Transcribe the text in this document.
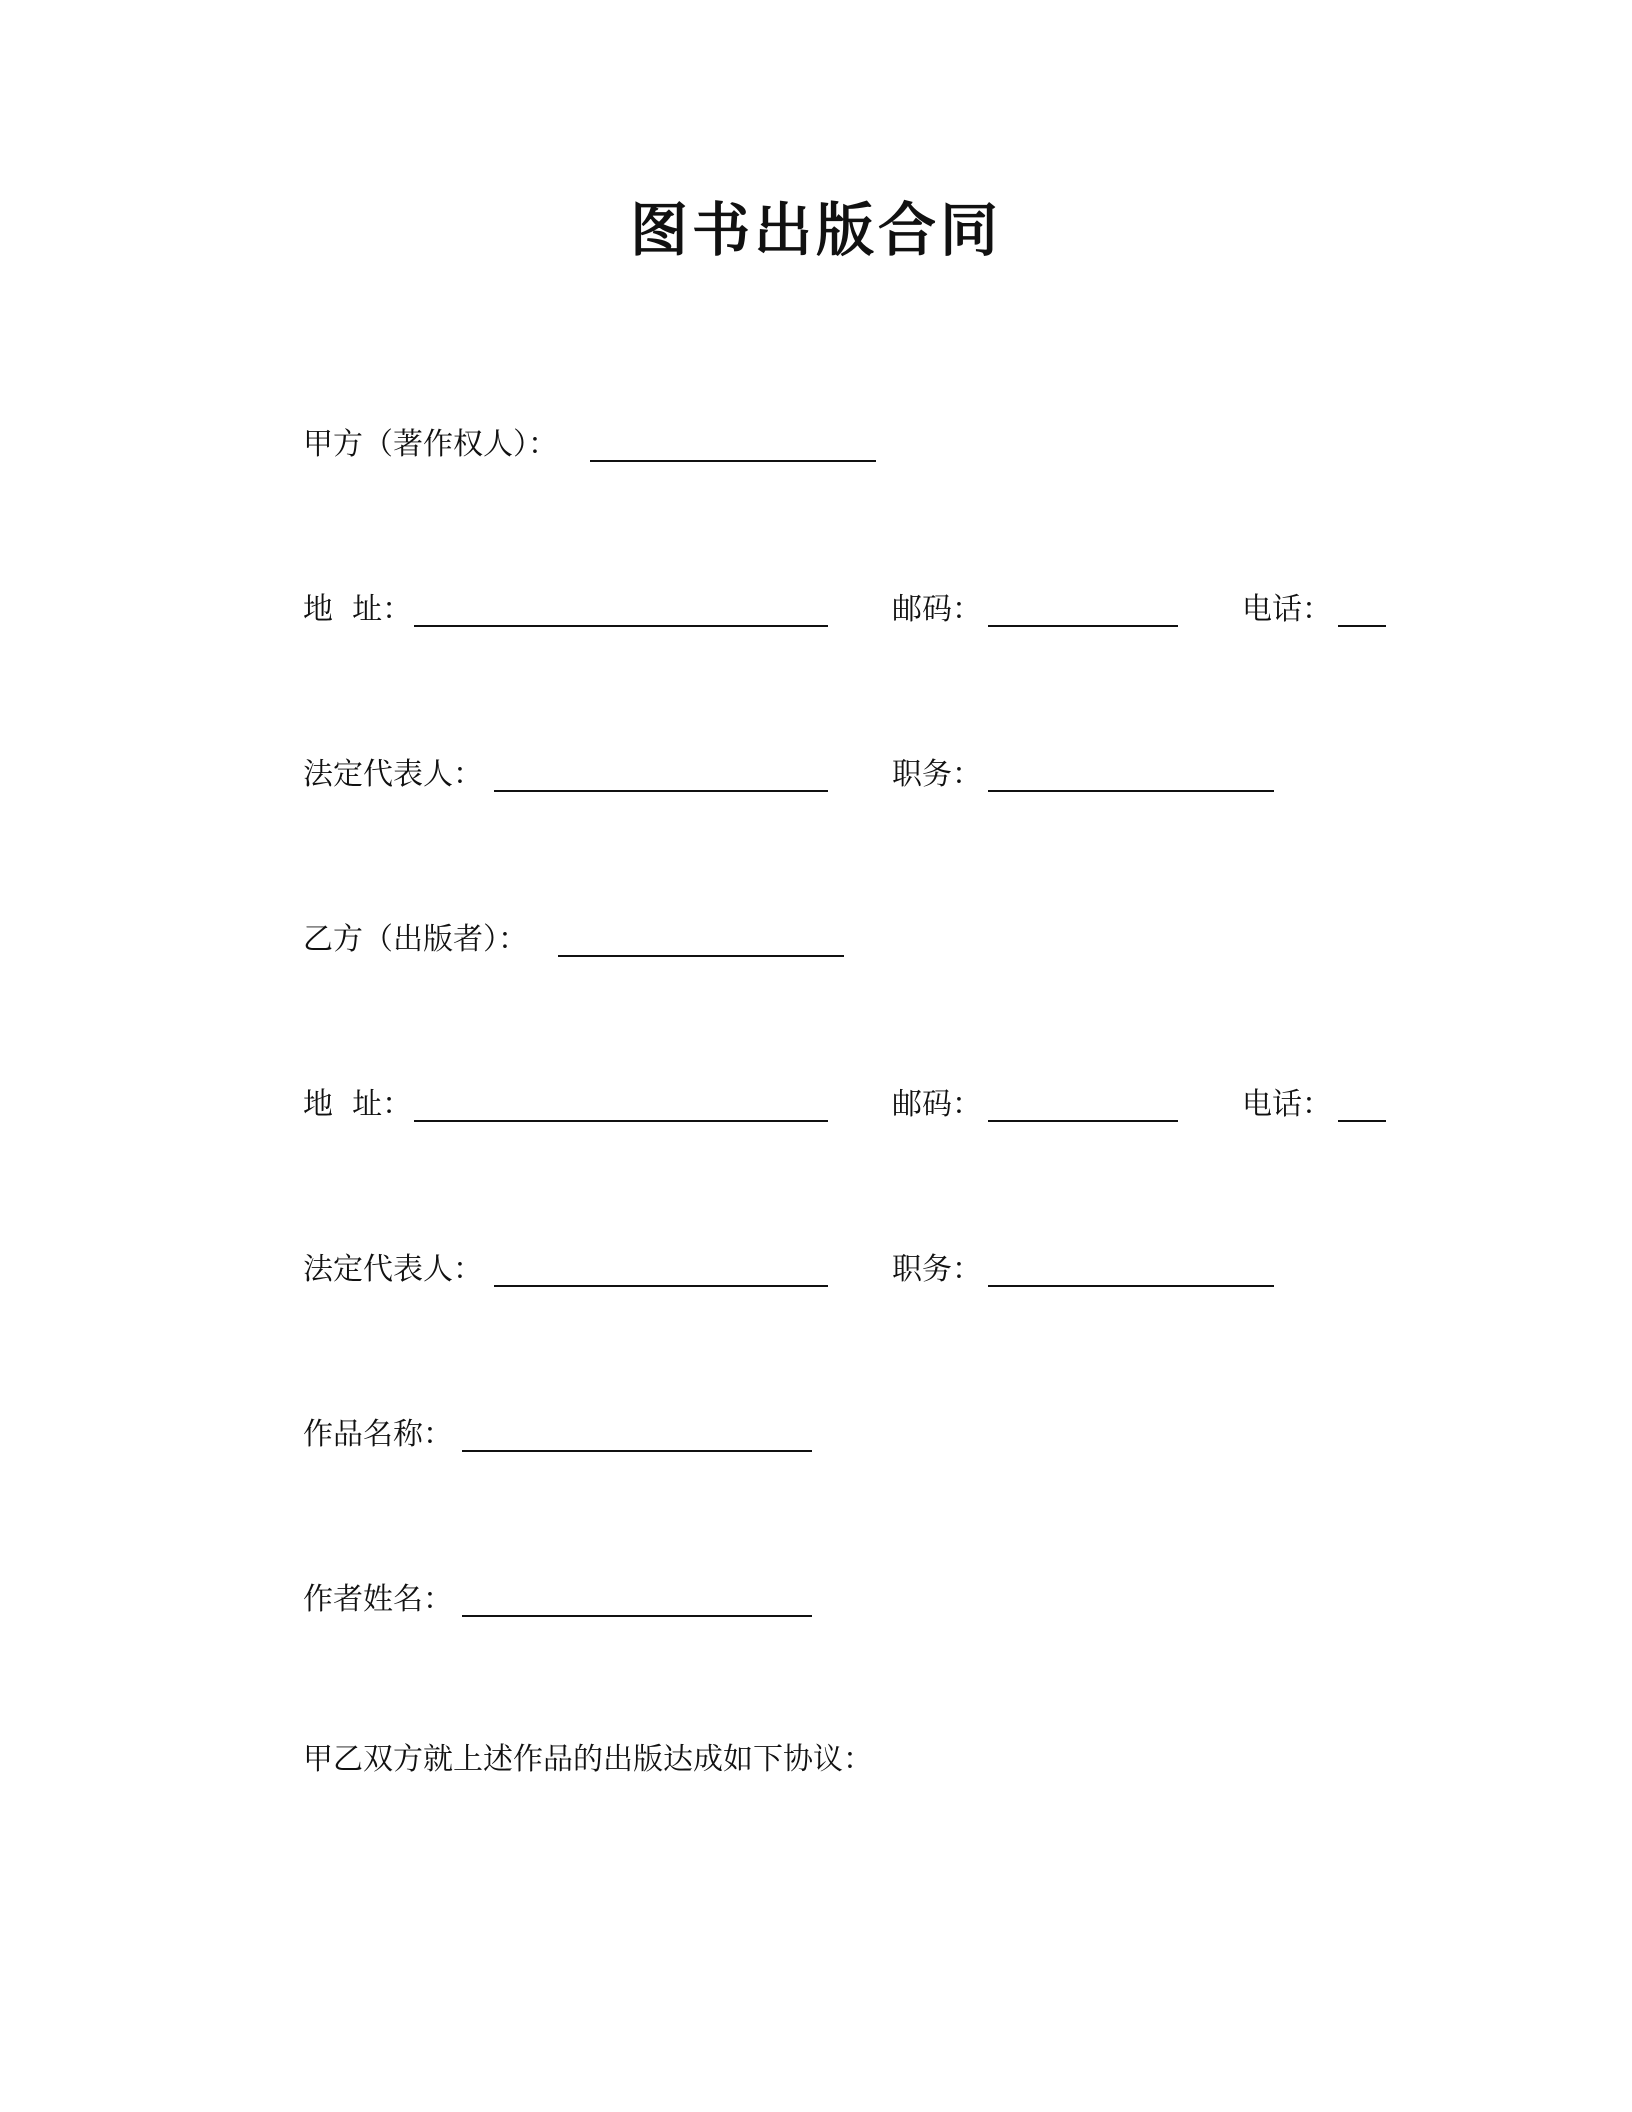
图书出版合同
甲方（著作权人）：
地  址：	邮码：	电话：
法定代表人：	职务：
乙方（出版者）：
地  址：	邮码：	电话：
法定代表人：	职务：
作品名称：
作者姓名：
甲乙双方就上述作品的出版达成如下协议：
